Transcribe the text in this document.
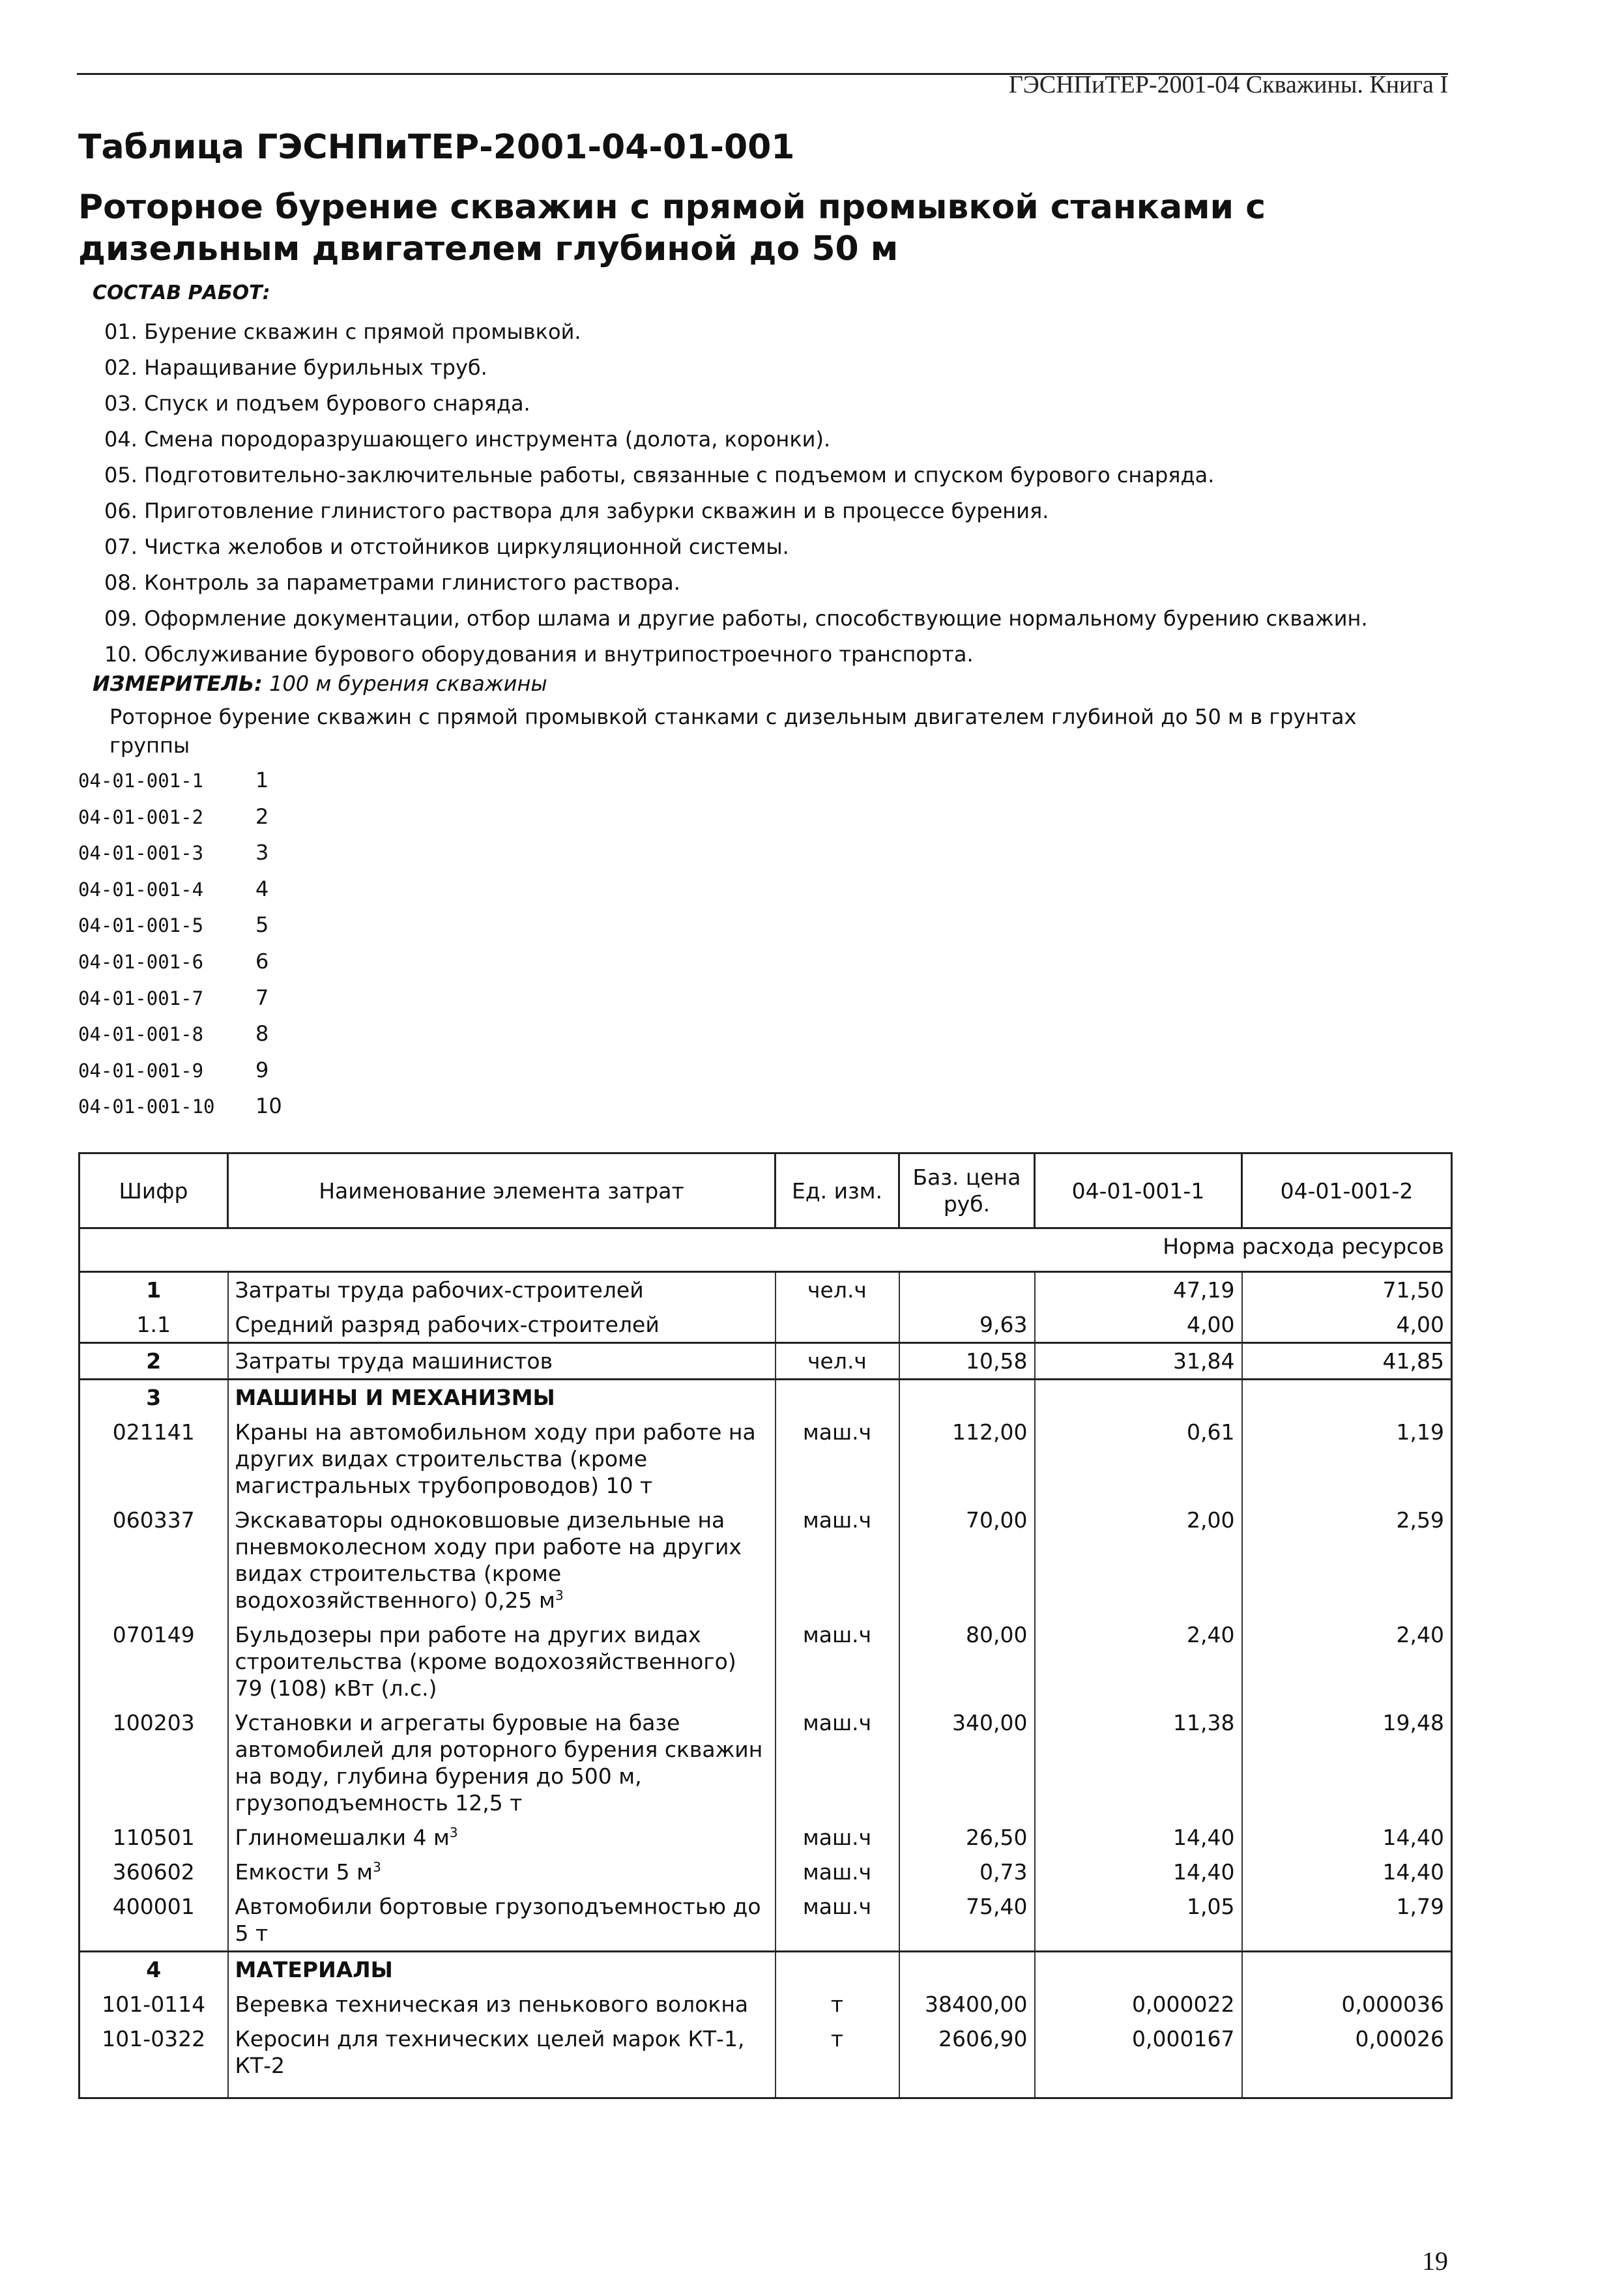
ГЭСНПиТЕР-2001-04 Скважины. Книга I
Таблица ГЭСНПиТЕР-2001-04-01-001
Роторное бурение скважин с прямой промывкой станками с дизельным двигателем глубиной до 50 м
СОСТАВ РАБОТ:
01. Бурение скважин с прямой промывкой.
02. Наращивание бурильных труб.
03. Спуск и подъем бурового снаряда.
04. Смена породоразрушающего инструмента (долота, коронки).
05. Подготовительно-заключительные работы, связанные с подъемом и спуском бурового снаряда.
06. Приготовление глинистого раствора для забурки скважин и в процессе бурения.
07. Чистка желобов и отстойников циркуляционной системы.
08. Контроль за параметрами глинистого раствора.
09. Оформление документации, отбор шлама и другие работы, способствующие нормальному бурению скважин.
10. Обслуживание бурового оборудования и внутрипостроечного транспорта.
ИЗМЕРИТЕЛЬ: 100 м бурения скважины
Роторное бурение скважин с прямой промывкой станками с дизельным двигателем глубиной до 50 м в грунтах группы
04-01-001-1 1
04-01-001-2 2
04-01-001-3 3
04-01-001-4 4
04-01-001-5 5
04-01-001-6 6
04-01-001-7 7
04-01-001-8 8
04-01-001-9 9
04-01-001-10 10
Шифр	Наименование элемента затрат	Ед. изм.	Баз. цена руб.	04-01-001-1	04-01-001-2
Норма расхода ресурсов					
1	Затраты труда рабочих-строителей	чел.ч		47,19	71,50
1.1	Средний разряд рабочих-строителей		9,63	4,00	4,00
2	Затраты труда машинистов	чел.ч	10,58	31,84	41,85
3	МАШИНЫ И МЕХАНИЗМЫ				
021141	Краны на автомобильном ходу при работе на других видах строительства (кроме магистральных трубопроводов) 10 т	маш.ч	112,00	0,61	1,19
060337	Экскаваторы одноковшовые дизельные на пневмоколесном ходу при работе на других видах строительства (кроме водохозяйственного) 0,25 $м^3$	маш.ч	70,00	2,00	2,59
070149	Бульдозеры при работе на других видах строительства (кроме водохозяйственного) 79 (108) кВт (л.с.)	маш.ч	80,00	2,40	2,40
100203	Установки и агрегаты буровые на базе автомобилей для роторного бурения скважин на воду, глубина бурения до 500 м, грузоподъемность 12,5 т	маш.ч	340,00	11,38	19,48
110501	Глиномешалки 4 $м^3$	маш.ч	26,50	14,40	14,40
360602	Емкости 5 $м^3$	маш.ч	0,73	14,40	14,40
400001	Автомобили бортовые грузоподъемностью до 5 т	маш.ч	75,40	1,05	1,79
4	МАТЕРИАЛЫ				
101-0114	Веревка техническая из пенькового волокна	т	38400,00	0,000022	0,000036
101-0322	Керосин для технических целей марок КТ-1, КТ-2	т	2606,90	0,000167	0,00026
19
